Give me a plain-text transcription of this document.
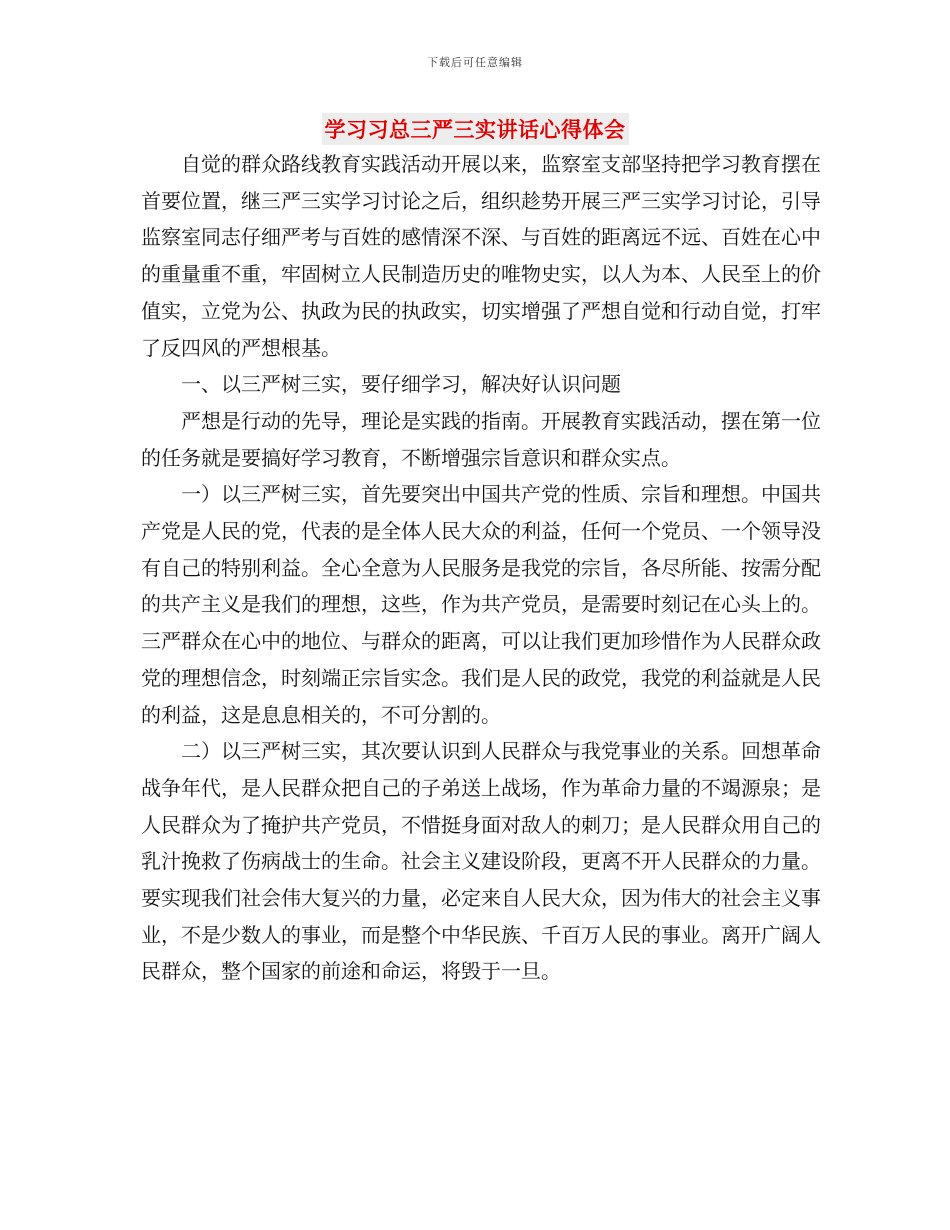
下载后可任意编辑
学习习总三严三实讲话心得体会

自觉的群众路线教育实践活动开展以来，监察室支部坚持把学习教育摆在首要位置，继三严三实学习讨论之后，组织趁势开展三严三实学习讨论，引导监察室同志仔细严考与百姓的感情深不深、与百姓的距离远不远、百姓在心中的重量重不重，牢固树立人民制造历史的唯物史实，以人为本、人民至上的价值实，立党为公、执政为民的执政实，切实增强了严想自觉和行动自觉，打牢了反四风的严想根基。

一、以三严树三实，要仔细学习，解决好认识问题

严想是行动的先导，理论是实践的指南。开展教育实践活动，摆在第一位的任务就是要搞好学习教育，不断增强宗旨意识和群众实点。

一）以三严树三实，首先要突出中国共产党的性质、宗旨和理想。中国共产党是人民的党，代表的是全体人民大众的利益，任何一个党员、一个领导没有自己的特别利益。全心全意为人民服务是我党的宗旨，各尽所能、按需分配的共产主义是我们的理想，这些，作为共产党员，是需要时刻记在心头上的。三严群众在心中的地位、与群众的距离，可以让我们更加珍惜作为人民群众政党的理想信念，时刻端正宗旨实念。我们是人民的政党，我党的利益就是人民的利益，这是息息相关的，不可分割的。

二）以三严树三实，其次要认识到人民群众与我党事业的关系。回想革命战争年代，是人民群众把自己的子弟送上战场，作为革命力量的不竭源泉；是人民群众为了掩护共产党员，不惜挺身面对敌人的刺刀；是人民群众用自己的乳汁挽救了伤病战士的生命。社会主义建设阶段，更离不开人民群众的力量。要实现我们社会伟大复兴的力量，必定来自人民大众，因为伟大的社会主义事业，不是少数人的事业，而是整个中华民族、千百万人民的事业。离开广阔人民群众，整个国家的前途和命运，将毁于一旦。
